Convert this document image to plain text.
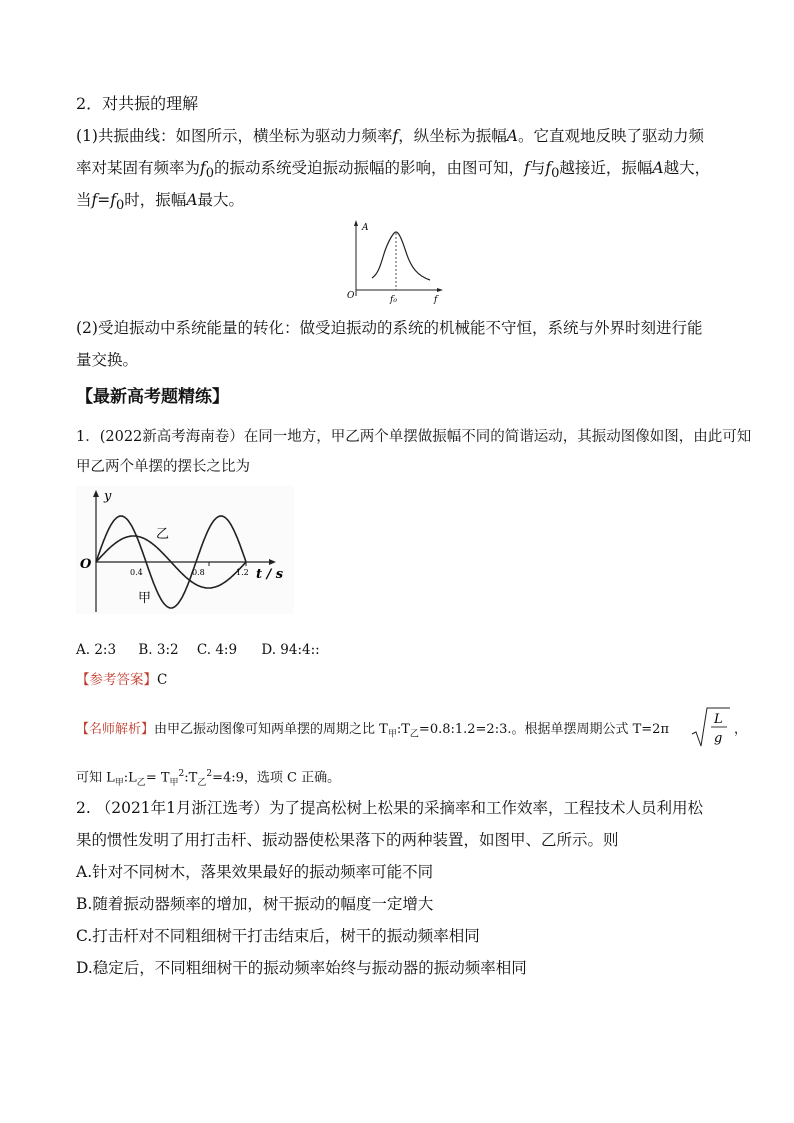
2．对共振的理解
(1)共振曲线：如图所示，横坐标为驱动力频率f，纵坐标为振幅A。它直观地反映了驱动力频
率对某固有频率为$f_0$的振动系统受迫振动振幅的影响，由图可知，f与$f_0$越接近，振幅A越大，
当$f=f_0$时，振幅A最大。
A
O	f₀	f
(2)受迫振动中系统能量的转化：做受迫振动的系统的机械能不守恒，系统与外界时刻进行能
量交换。
【最新高考题精练】
1．(2022新高考海南卷）在同一地方，甲乙两个单摆做振幅不同的简谐运动，其振动图像如图，由此可知
甲乙两个单摆的摆长之比为
O
y
0.4	0.8	1.2 t / s
乙
甲
A. 2:3 B. 3:2 C. 4:9 D. 94:4::
【参考答案】C
【名师解析】由甲乙振动图像可知两单摆的周期之比 $T_甲:T_乙=0.8:1.2=2:3$.。根据单摆周期公式 T=2π
L
g
，
可知 $L_甲:L_乙=$ $T_甲^2:T_乙^2=4:9$，选项 C 正确。
2. （2021年1月浙江选考）为了提高松树上松果的采摘率和工作效率，工程技术人员利用松
果的惯性发明了用打击杆、振动器使松果落下的两种装置，如图甲、乙所示。则
A.针对不同树木，落果效果最好的振动频率可能不同
B.随着振动器频率的增加，树干振动的幅度一定增大
C.打击杆对不同粗细树干打击结束后，树干的振动频率相同
D.稳定后，不同粗细树干的振动频率始终与振动器的振动频率相同
